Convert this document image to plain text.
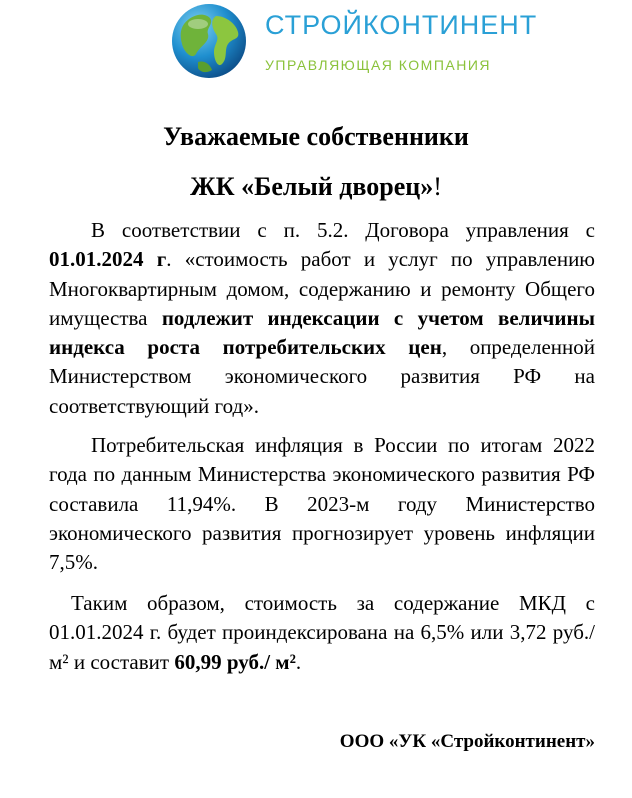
СТРОЙКОНТИНЕНТ
УПРАВЛЯЮЩАЯ КОМПАНИЯ
Уважаемые собственники
ЖК «Белый дворец»!
В соответствии с п. 5.2. Договора управления с 01.01.2024 г. «стоимость работ и услуг по управлению Многоквартирным домом, содержанию и ремонту Общего имущества подлежит индексации с учетом величины индекса роста потребительских цен, определенной Министерством экономического развития РФ на соответствующий год».
Потребительская инфляция в России по итогам 2022 года по данным Министерства экономического развития РФ составила 11,94%. В 2023-м году Министерство экономического развития прогнозирует уровень инфляции 7,5%.
Таким образом, стоимость за содержание МКД с 01.01.2024 г. будет проиндексирована на 6,5% или 3,72 руб./м² и составит 60,99 руб./ м².
ООО «УК «Стройконтинент»
